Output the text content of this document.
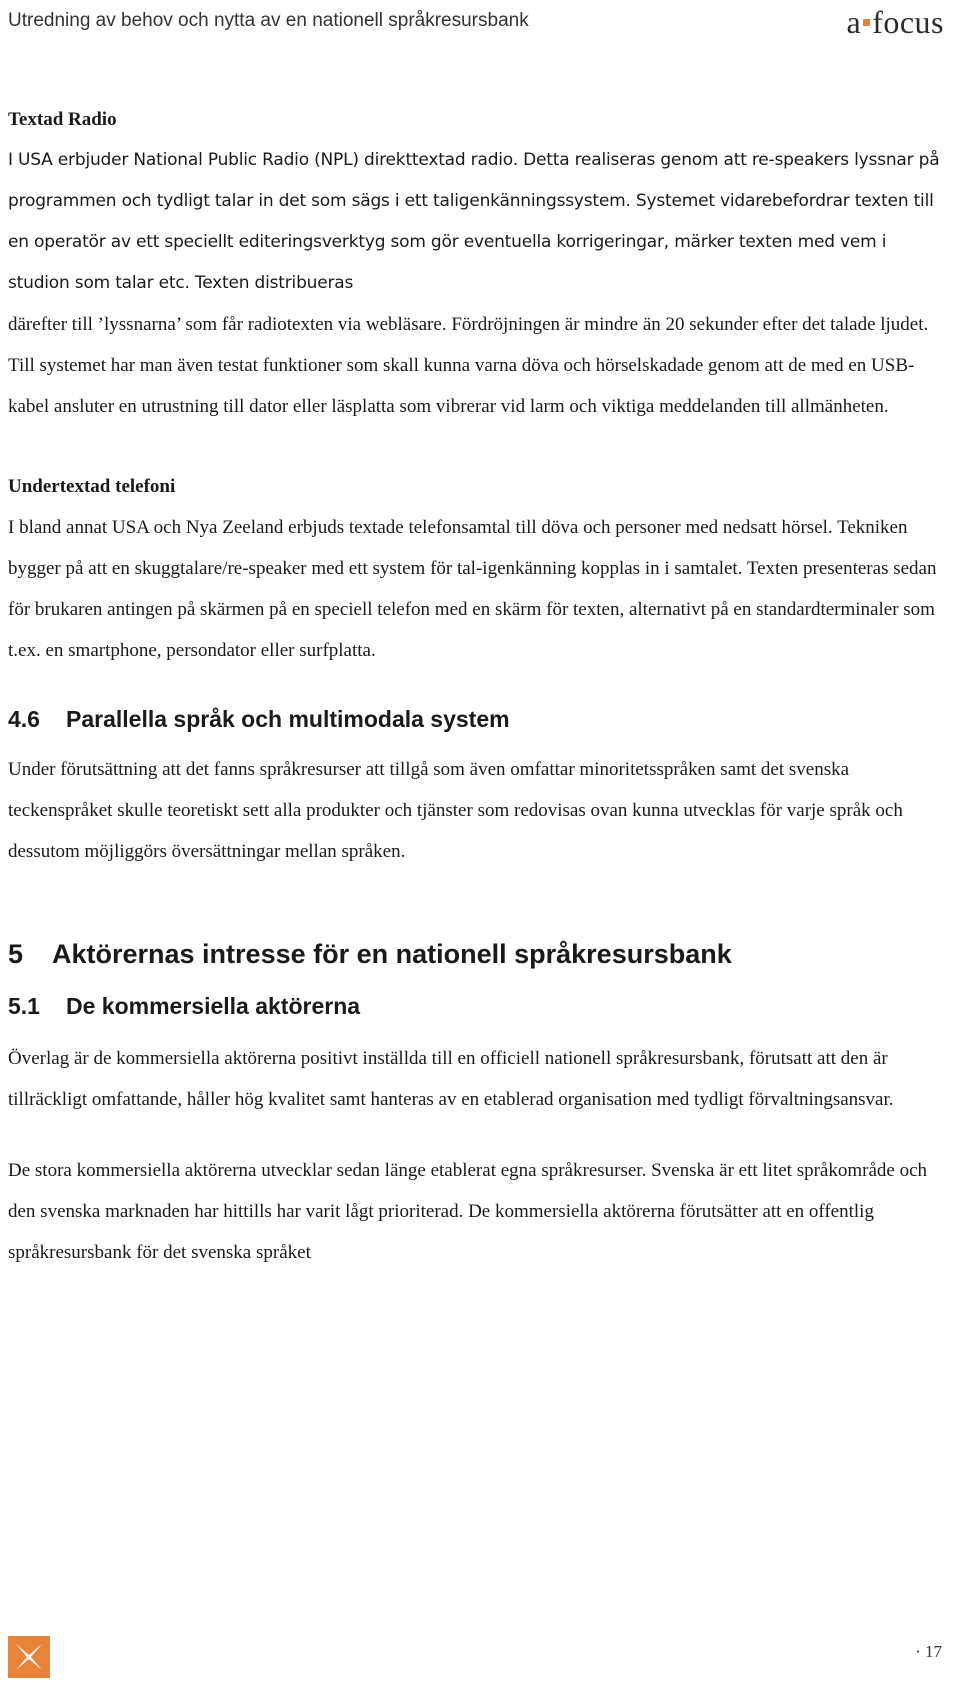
Utredning av behov och nytta av en nationell språkresursbank	a focus
Textad Radio

I USA erbjuder National Public Radio (NPL) direkttextad radio. Detta realiseras genom att re-speakers lyssnar på programmen och tydligt talar in det som sägs i ett taligenkänningssystem. Systemet vidarebefordrar texten till en operatör av ett speciellt editeringsverktyg som gör eventuella korrigeringar, märker texten med vem i studion som talar etc. Texten distribueras

därefter till ’lyssnarna’ som får radiotexten via webläsare. Fördröjningen är mindre än 20 sekunder efter det talade ljudet. Till systemet har man även testat funktioner som skall kunna varna döva och hörselskadade genom att de med en USB-kabel ansluter en utrustning till dator eller läsplatta som vibrerar vid larm och viktiga meddelanden till allmänheten.

Undertextad telefoni

I bland annat USA och Nya Zeeland erbjuds textade telefonsamtal till döva och personer med nedsatt hörsel. Tekniken bygger på att en skuggtalare/re-speaker med ett system för tal-igenkänning kopplas in i samtalet. Texten presenteras sedan för brukaren antingen på skärmen på en speciell telefon med en skärm för texten, alternativt på en standardterminaler som t.ex. en smartphone, persondator eller surfplatta.

4.6 Parallella språk och multimodala system

Under förutsättning att det fanns språkresurser att tillgå som även omfattar minoritetsspråken samt det svenska teckenspråket skulle teoretiskt sett alla produkter och tjänster som redovisas ovan kunna utvecklas för varje språk och dessutom möjliggörs översättningar mellan språken.

5 Aktörernas intresse för en nationell språkresursbank
5.1 De kommersiella aktörerna

Överlag är de kommersiella aktörerna positivt inställda till en officiell nationell språkresursbank, förutsatt att den är tillräckligt omfattande, håller hög kvalitet samt hanteras av en etablerad organisation med tydligt förvaltningsansvar.

De stora kommersiella aktörerna utvecklar sedan länge etablerat egna språkresurser. Svenska är ett litet språkområde och den svenska marknaden har hittills har varit lågt prioriterad. De kommersiella aktörerna förutsätter att en offentlig språkresursbank för det svenska språket

· 17
